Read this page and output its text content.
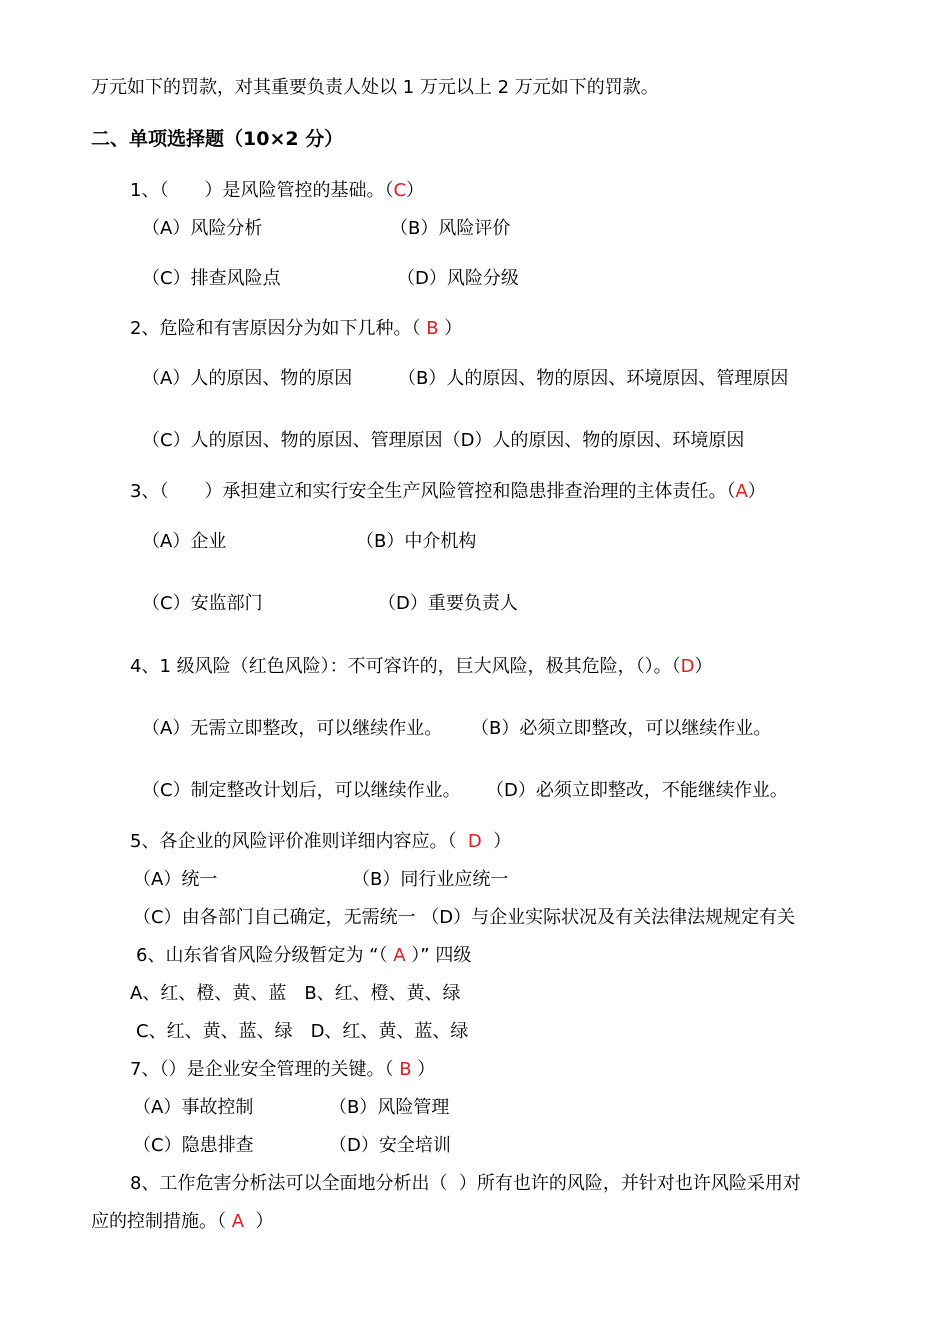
万元如下的罚款，对其重要负责人处以 1 万元以上 2 万元如下的罚款。
二、单项选择题（10×2 分）
1、（　　）是风险管控的基础。（C）
（A）风险分析	（B）风险评价
（C）排查风险点	（D）风险分级
2、危险和有害原因分为如下几种。（ B ）
（A）人的原因、物的原因	（B）人的原因、物的原因、环境原因、管理原因
（C）人的原因、物的原因、管理原因（D）人的原因、物的原因、环境原因
3、（　　）承担建立和实行安全生产风险管控和隐患排查治理的主体责任。（A）
（A）企业	（B）中介机构
（C）安监部门	（D）重要负责人
4、1 级风险（红色风险）：不可容许的，巨大风险，极其危险，（）。（D）
（A）无需立即整改，可以继续作业。 （B）必须立即整改，可以继续作业。
（C）制定整改计划后，可以继续作业。 （D）必须立即整改，不能继续作业。
5、各企业的风险评价准则详细内容应。（  D  ）
（A）统一	（B）同行业应统一
（C）由各部门自己确定，无需统一 （D）与企业实际状况及有关法律法规规定有关
6、山东省省风险分级暂定为 “（ A ）” 四级
A、红、橙、黄、蓝　B、红、橙、黄、绿
C、红、黄、蓝、绿　D、红、黄、蓝、绿
7、（）是企业安全管理的关键。（ B ）
（A）事故控制	（B）风险管理
（C）隐患排查	（D）安全培训
8、工作危害分析法可以全面地分析出（  ）所有也许的风险，并针对也许风险采用对
应的控制措施。（ A  ）
